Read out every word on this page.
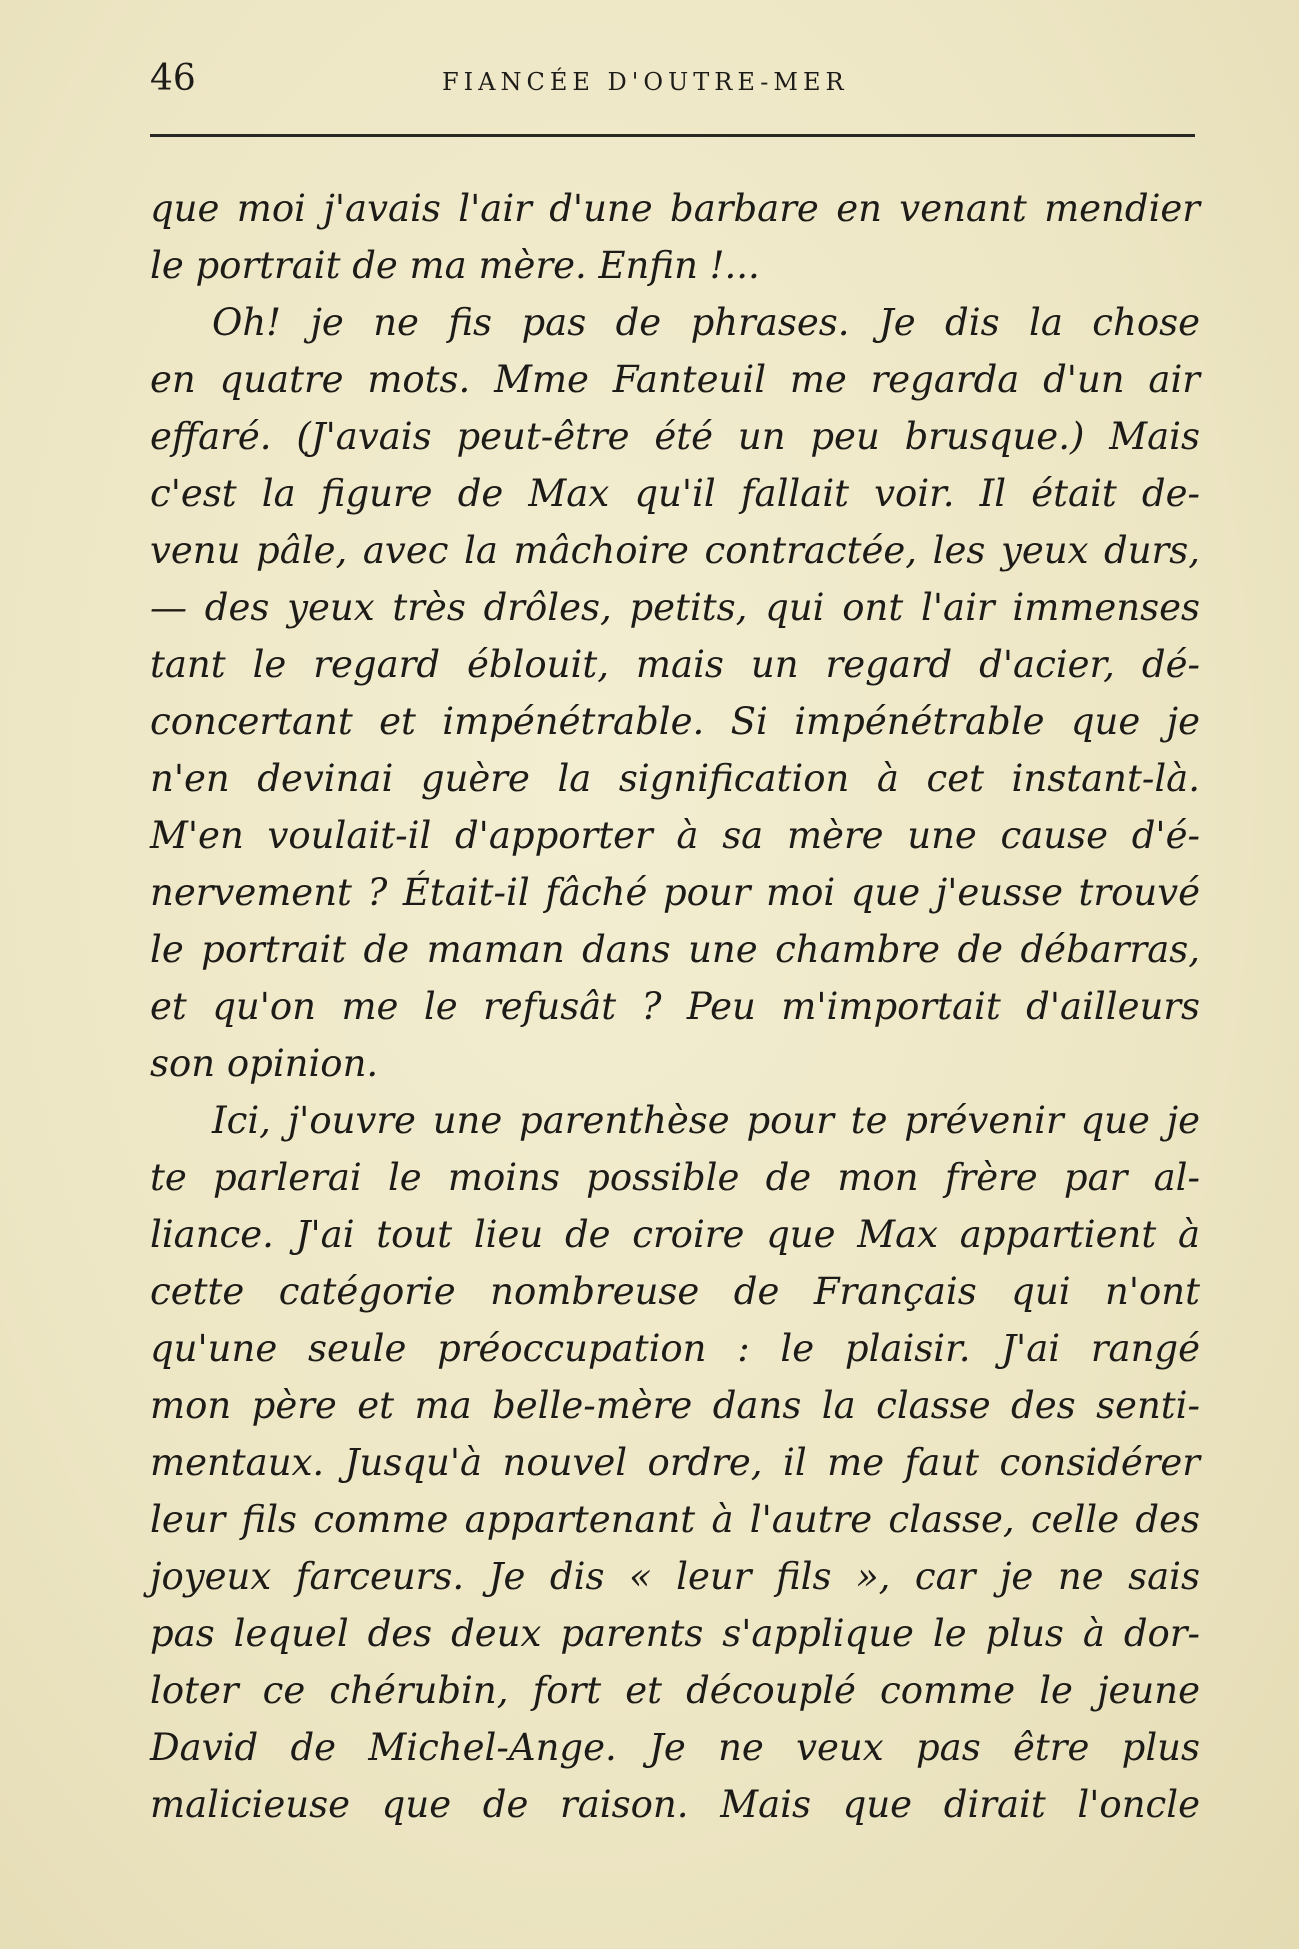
46	FIANCÉE D'OUTRE-MER
que moi j'avais l'air d'une barbare en venant mendier
le portrait de ma mère. Enfin !...
Oh! je ne fis pas de phrases. Je dis la chose
en quatre mots. Mme Fanteuil me regarda d'un air
effaré. (J'avais peut-être été un peu brusque.) Mais
c'est la figure de Max qu'il fallait voir. Il était de-
venu pâle, avec la mâchoire contractée, les yeux durs,
— des yeux très drôles, petits, qui ont l'air immenses
tant le regard éblouit, mais un regard d'acier, dé-
concertant et impénétrable. Si impénétrable que je
n'en devinai guère la signification à cet instant-là.
M'en voulait-il d'apporter à sa mère une cause d'é-
nervement ? Était-il fâché pour moi que j'eusse trouvé
le portrait de maman dans une chambre de débarras,
et qu'on me le refusât ? Peu m'importait d'ailleurs
son opinion.
Ici, j'ouvre une parenthèse pour te prévenir que je
te parlerai le moins possible de mon frère par al-
liance. J'ai tout lieu de croire que Max appartient à
cette catégorie nombreuse de Français qui n'ont
qu'une seule préoccupation : le plaisir. J'ai rangé
mon père et ma belle-mère dans la classe des senti-
mentaux. Jusqu'à nouvel ordre, il me faut considérer
leur fils comme appartenant à l'autre classe, celle des
joyeux farceurs. Je dis « leur fils », car je ne sais
pas lequel des deux parents s'applique le plus à dor-
loter ce chérubin, fort et découplé comme le jeune
David de Michel-Ange. Je ne veux pas être plus
malicieuse que de raison. Mais que dirait l'oncle
